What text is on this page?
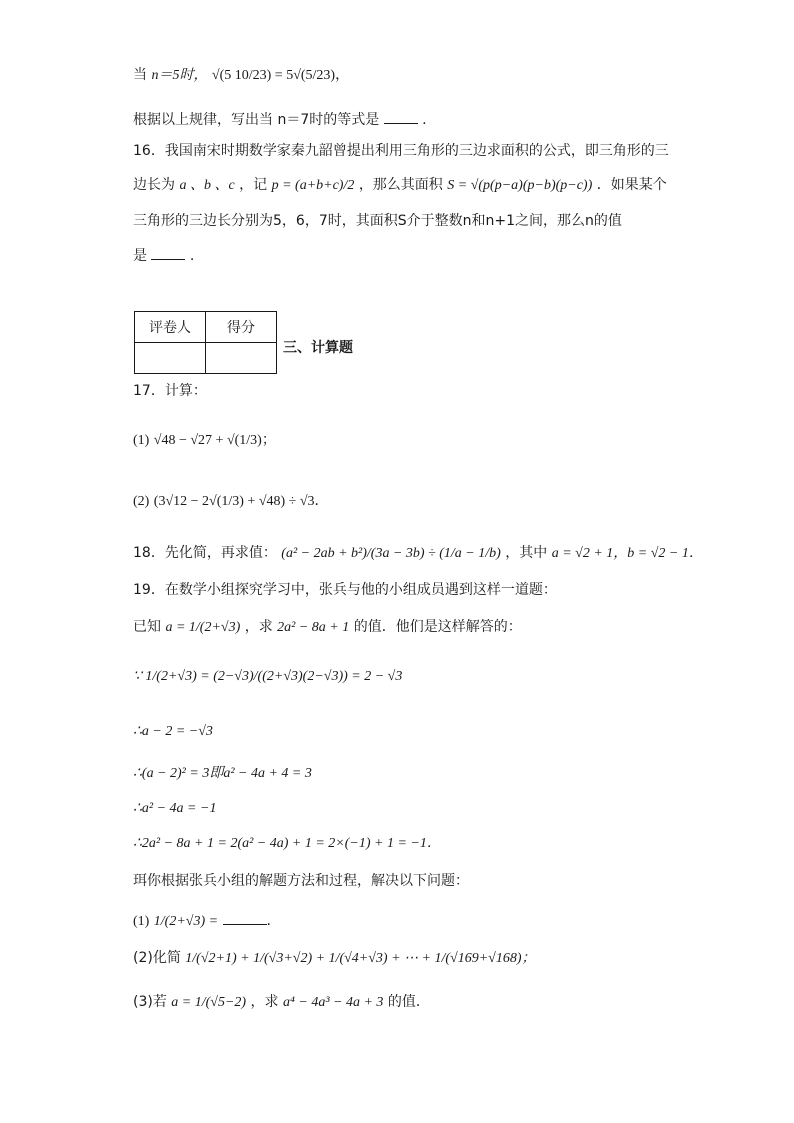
当 n＝5时， √(5 10/23) = 5√(5/23)，
根据以上规律，写出当 n＝7时的等式是	.
16．我国南宋时期数学家秦九韶曾提出利用三角形的三边求面积的公式，即三角形的三
边长为 a 、b 、c ，记 p = (a+b+c)/2 ，那么其面积 S = √(p(p−a)(p−b)(p−c)) ．如果某个
三角形的三边长分别为5，6，7时，其面积S介于整数n和n+1之间，那么n的值
是	.
评卷人	得分

三、计算题
17．计算：
(1) √48 − √27 + √(1/3)；
(2) (3√12 − 2√(1/3) + √48) ÷ √3．
18．先化简，再求值： (a² − 2ab + b²)/(3a − 3b) ÷ (1/a − 1/b) ，其中 a = √2 + 1，b = √2 − 1．
19．在数学小组探究学习中，张兵与他的小组成员遇到这样一道题：
已知 a = 1/(2+√3) ，求 2a² − 8a + 1 的值．他们是这样解答的：
∵ 1/(2+√3) = (2−√3)/((2+√3)(2−√3)) = 2 − √3
∴a − 2 = −√3
∴(a − 2)² = 3即a² − 4a + 4 = 3
∴a² − 4a = −1
∴2a² − 8a + 1 = 2(a² − 4a) + 1 = 2×(−1) + 1 = −1．
珥你根据张兵小组的解题方法和过程，解决以下问题：
(1) 1/(2+√3) =	.
(2)化简 1/(√2+1) + 1/(√3+√2) + 1/(√4+√3) + ⋯ + 1/(√169+√168)；
(3)若 a = 1/(√5−2) ，求 a⁴ − 4a³ − 4a + 3 的值．
